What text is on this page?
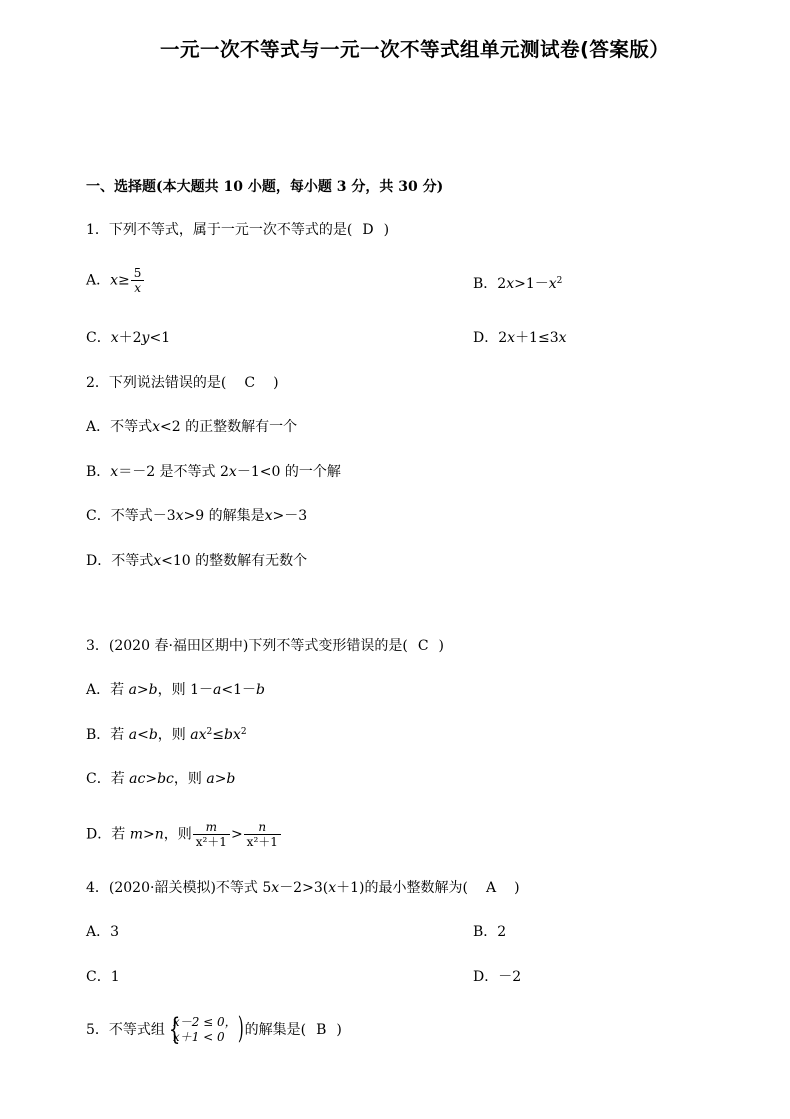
一元一次不等式与一元一次不等式组单元测试卷(答案版）
一、选择题(本大题共 10 小题，每小题 3 分，共 30 分)
1．下列不等式，属于一元一次不等式的是( D )
A．$x\ge \frac{5}{x}$	B．$2x>1-x^2$
C．x＋2y<1	D．2x＋1≤3x
2．下列说法错误的是( C )
A．不等式x<2 的正整数解有一个
B．x＝－2 是不等式 2x－1<0 的一个解
C．不等式－3x>9 的解集是x>－3
D．不等式x<10 的整数解有无数个
3．(2020 春·福田区期中)下列不等式变形错误的是( C )
A．若 a>b，则 1－a<1－b
B．若 a<b，则 $ax^2\le bx^2$
C．若 ac>bc，则 a>b
D．若 m>n，则 $\frac{m}{\text{x²＋1}} > \frac{n}{\text{x²＋1}}$
4．(2020·韶关模拟)不等式 5x－2>3(x＋1)的最小整数解为( A )
A．3	B．2
C．1	D．－2
5．不等式组 {
x－2 ≤ 0，
x＋1 < 0 ) 的解集是( B )
